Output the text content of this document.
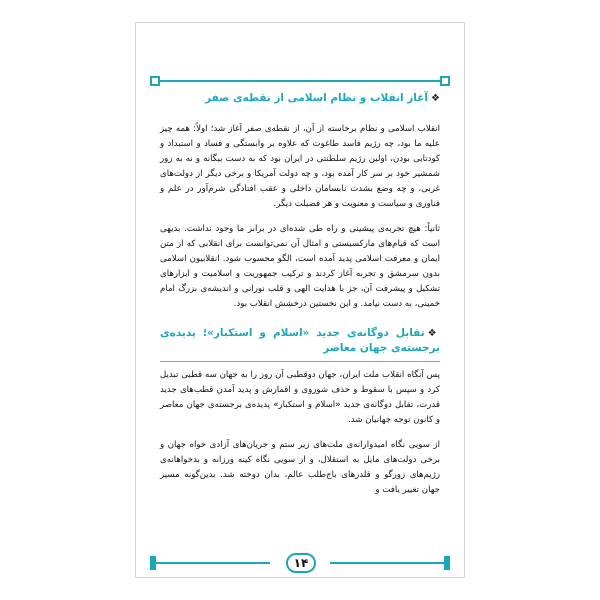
❖آغاز انقلاب و نظام اسلامی از نقطه‌ی صفر

انقلاب اسلامی و نظام برخاسته از آن، از نقطه‌ی صفر آغاز شد؛ اولاً: همه چیز علیه ما بود، چه رژیم فاسد طاغوت که علاوه بر وابستگی و فساد و استبداد و کودتایی بودن، اولین رژیم سلطنتی در ایران بود که به دست بیگانه و نه به زور شمشیر خود بر سر کار آمده بود، و چه دولت آمریکا و برخی دیگر از دولت‌های غربی، و چه وضع بشدت نابسامان داخلی و عقب افتادگی شرم‌آور در علم و فناوری و سیاست و معنویت و هر فضیلت دیگر.

ثانیاً: هیچ تجربه‌ی پیشینی و راه طی شده‌ای در برابر ما وجود نداشت. بدیهی است که قیام‌های مارکسیستی و امثال آن نمی‌توانست برای انقلابی که از متن ایمان و معرفت اسلامی پدید آمده است، الگو محسوب شود. انقلابیون اسلامی بدون سرمشق و تجربه آغاز کردند و ترکیب جمهوریت و اسلامیت و ابزارهای تشکیل و پیشرفت آن، جز با هدایت الهی و قلب نورانی و اندیشه‌ی بزرگ امام خمینی، به دست نیامد. و این نخستین درخشش انقلاب بود.

❖تقابل دوگانه‌ی جدید «اسلام و استکبار»؛ پدیده‌ی برجسته‌ی جهان معاصر

پس آنگاه انقلاب ملت ایران، جهان دوقطبی آن روز را به جهان سه قطبی تبدیل کرد و سپس با سقوط و حذف شوروی و اقمارش و پدید آمدن قطب‌های جدید قدرت، تقابل دوگانه‌ی جدید «اسلام و استکبار» پدیده‌ی برجسته‌ی جهان معاصر و کانون توجه جهانیان شد.

از سویی نگاه امیدوارانه‌ی ملت‌های زیر ستم و جریان‌های آزادی خواه جهان و برخی دولت‌های مایل به استقلال، و از سویی نگاه کینه ورزانه و بدخواهانه‌ی رژیم‌های زورگو و قلدرهای باج‌طلب عالم، بدان دوخته شد. بدین‌گونه مسیر جهان تغییر یافت و

۱۴
